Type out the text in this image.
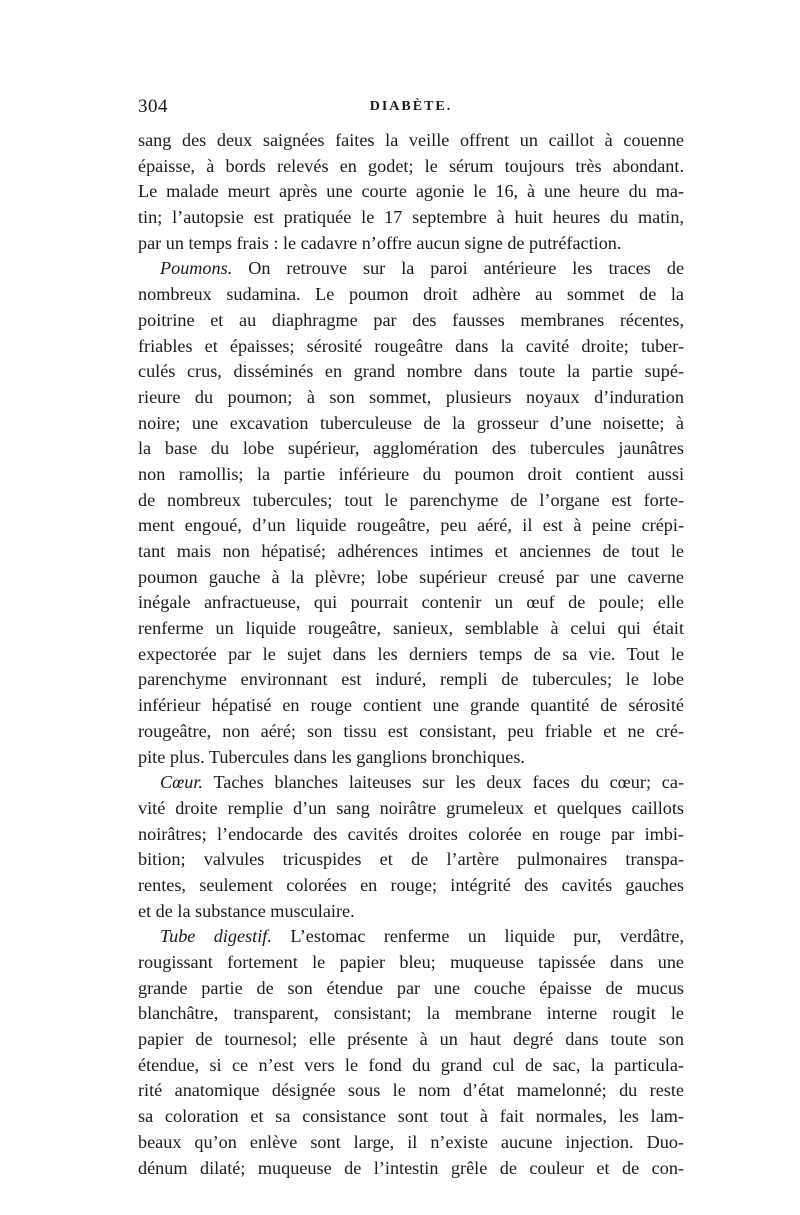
304	DIABÈTE.
sang des deux saignées faites la veille offrent un caillot à couenne
épaisse, à bords relevés en godet; le sérum toujours très abondant.
Le malade meurt après une courte agonie le 16, à une heure du ma-
tin; l’autopsie est pratiquée le 17 septembre à huit heures du matin,
par un temps frais : le cadavre n’offre aucun signe de putréfaction.
Poumons. On retrouve sur la paroi antérieure les traces de
nombreux sudamina. Le poumon droit adhère au sommet de la
poitrine et au diaphragme par des fausses membranes récentes,
friables et épaisses; sérosité rougeâtre dans la cavité droite; tuber-
culés crus, disséminés en grand nombre dans toute la partie supé-
rieure du poumon; à son sommet, plusieurs noyaux d’induration
noire; une excavation tuberculeuse de la grosseur d’une noisette; à
la base du lobe supérieur, agglomération des tubercules jaunâtres
non ramollis; la partie inférieure du poumon droit contient aussi
de nombreux tubercules; tout le parenchyme de l’organe est forte-
ment engoué, d’un liquide rougeâtre, peu aéré, il est à peine crépi-
tant mais non hépatisé; adhérences intimes et anciennes de tout le
poumon gauche à la plèvre; lobe supérieur creusé par une caverne
inégale anfractueuse, qui pourrait contenir un œuf de poule; elle
renferme un liquide rougeâtre, sanieux, semblable à celui qui était
expectorée par le sujet dans les derniers temps de sa vie. Tout le
parenchyme environnant est induré, rempli de tubercules; le lobe
inférieur hépatisé en rouge contient une grande quantité de sérosité
rougeâtre, non aéré; son tissu est consistant, peu friable et ne cré-
pite plus. Tubercules dans les ganglions bronchiques.
Cœur. Taches blanches laiteuses sur les deux faces du cœur; ca-
vité droite remplie d’un sang noirâtre grumeleux et quelques caillots
noirâtres; l’endocarde des cavités droites colorée en rouge par imbi-
bition; valvules tricuspides et de l’artère pulmonaires transpa-
rentes, seulement colorées en rouge; intégrité des cavités gauches
et de la substance musculaire.
Tube digestif. L’estomac renferme un liquide pur, verdâtre,
rougissant fortement le papier bleu; muqueuse tapissée dans une
grande partie de son étendue par une couche épaisse de mucus
blanchâtre, transparent, consistant; la membrane interne rougit le
papier de tournesol; elle présente à un haut degré dans toute son
étendue, si ce n’est vers le fond du grand cul de sac, la particula-
rité anatomique désignée sous le nom d’état mamelonné; du reste
sa coloration et sa consistance sont tout à fait normales, les lam-
beaux qu’on enlève sont large, il n’existe aucune injection. Duo-
dénum dilaté; muqueuse de l’intestin grêle de couleur et de con-
